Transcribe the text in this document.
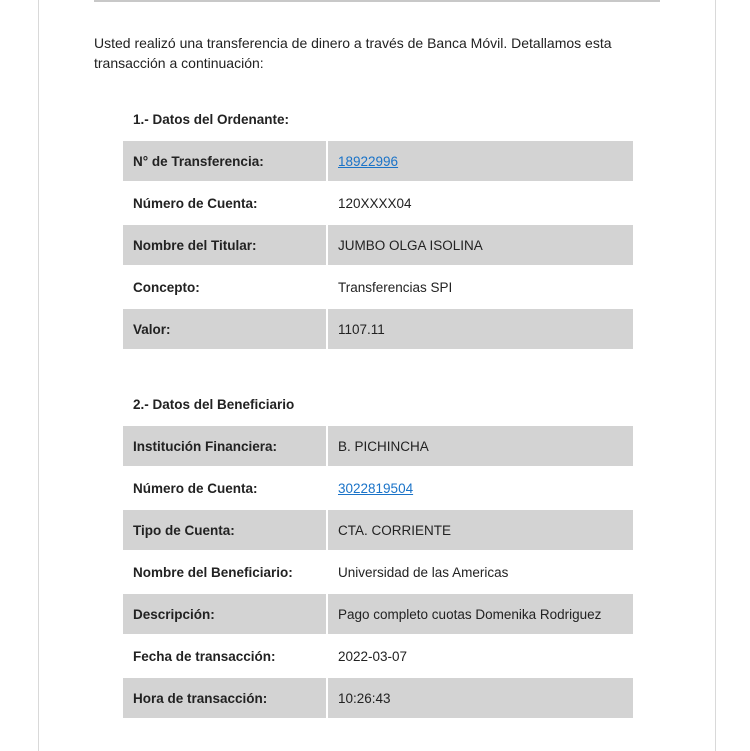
Usted realizó una transferencia de dinero a través de Banca Móvil. Detallamos esta transacción a continuación:

1.- Datos del Ordenante:
N° de Transferencia:	18922996
Número de Cuenta:	120XXXX04
Nombre del Titular:	JUMBO OLGA ISOLINA
Concepto:	Transferencias SPI
Valor:	1107.11
2.- Datos del Beneficiario
Institución Financiera:	B. PICHINCHA
Número de Cuenta:	3022819504
Tipo de Cuenta:	CTA. CORRIENTE
Nombre del Beneficiario:	Universidad de las Americas
Descripción:	Pago completo cuotas Domenika Rodriguez
Fecha de transacción:	2022-03-07
Hora de transacción:	10:26:43
